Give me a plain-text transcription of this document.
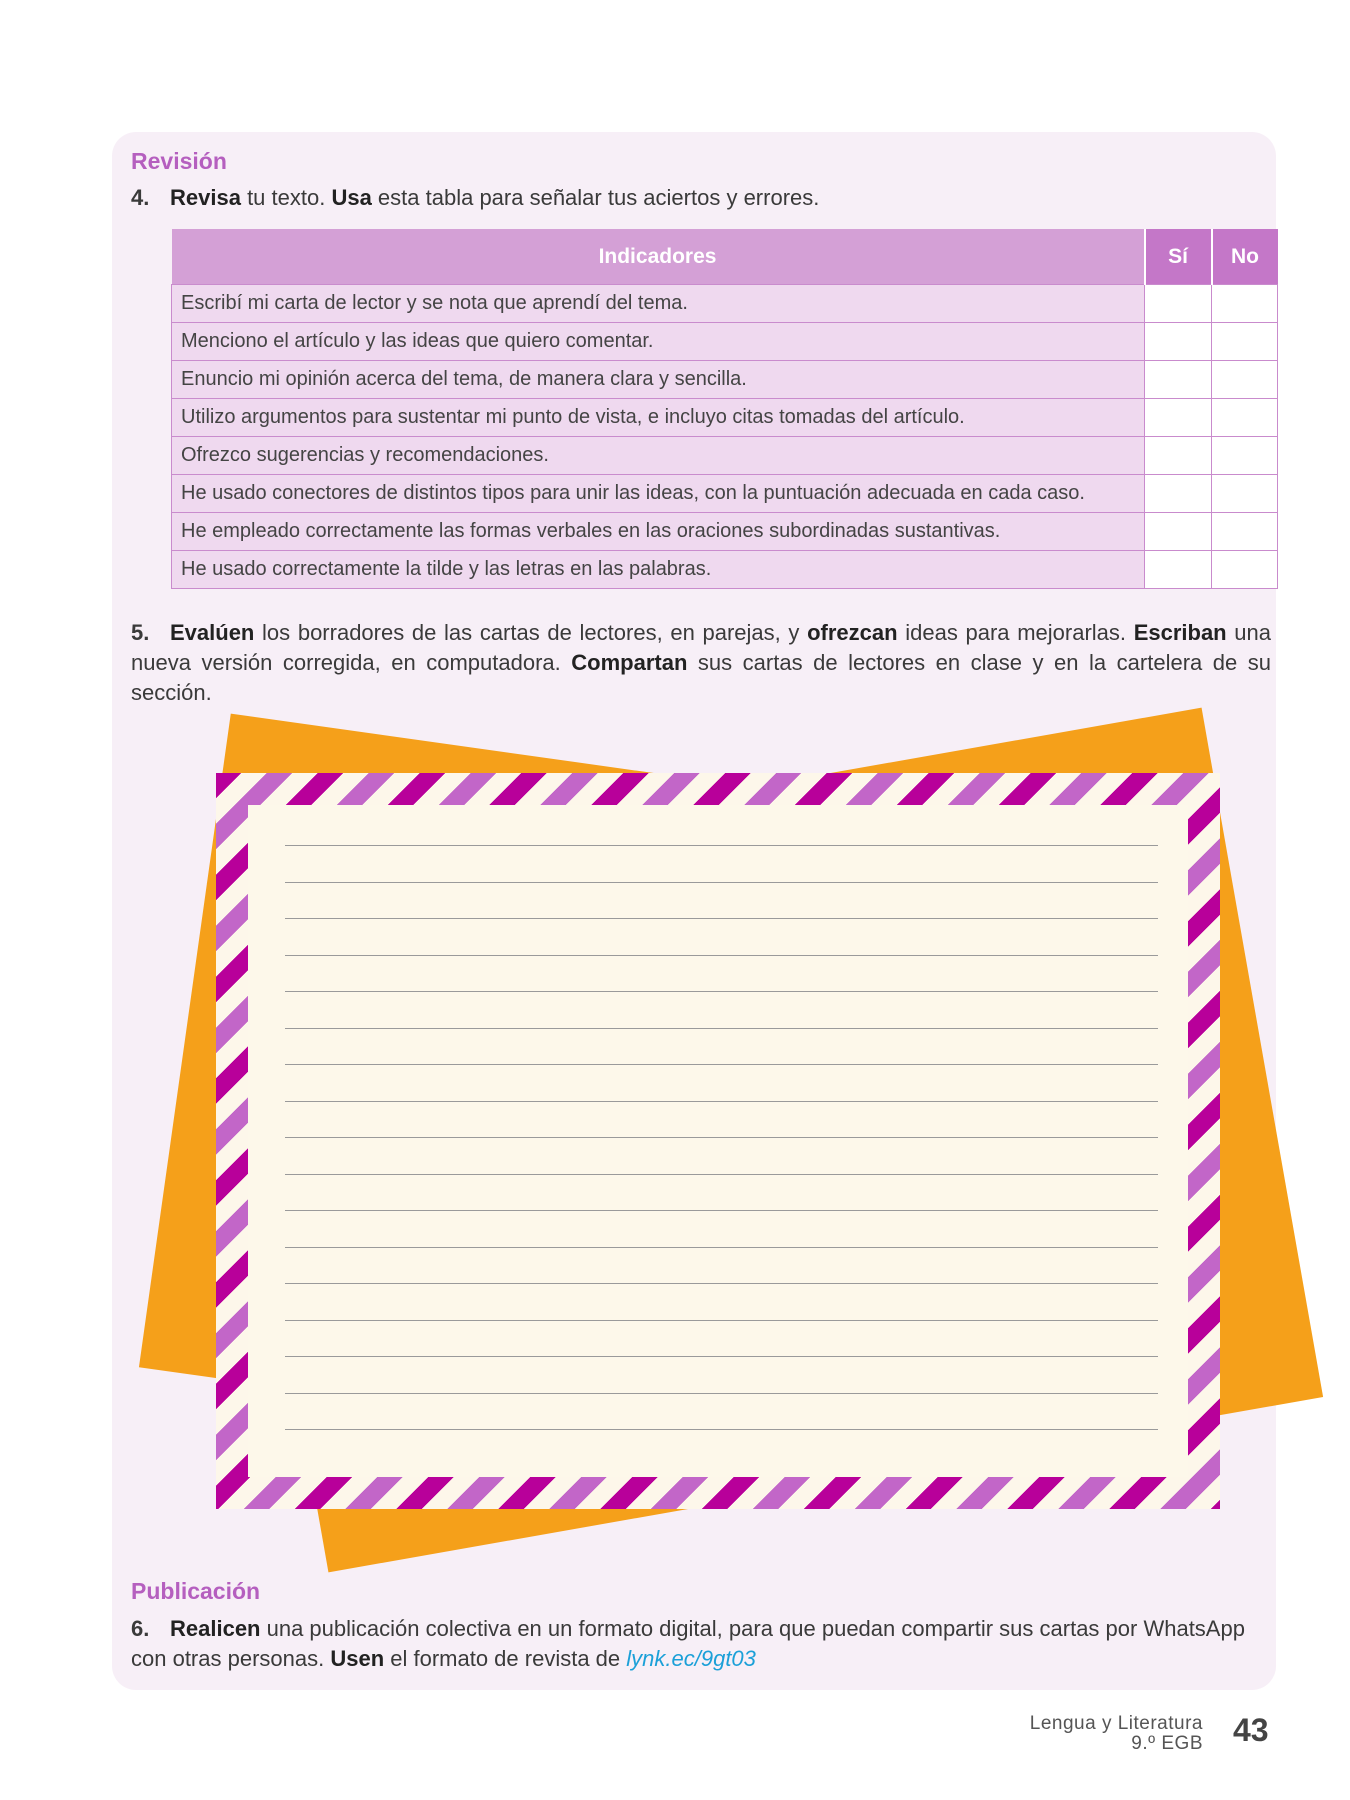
Revisión
4. Revisa tu texto. Usa esta tabla para señalar tus aciertos y errores.
Indicadores	Sí	No
Escribí mi carta de lector y se nota que aprendí del tema.		
Menciono el artículo y las ideas que quiero comentar.		
Enuncio mi opinión acerca del tema, de manera clara y sencilla.		
Utilizo argumentos para sustentar mi punto de vista, e incluyo citas tomadas del artículo.		
Ofrezco sugerencias y recomendaciones.		
He usado conectores de distintos tipos para unir las ideas, con la puntuación adecuada en cada caso.		
He empleado correctamente las formas verbales en las oraciones subordinadas sustantivas.		
He usado correctamente la tilde y las letras en las palabras.		
5. Evalúen los borradores de las cartas de lectores, en parejas, y ofrezcan ideas para mejorarlas. Escriban una nueva versión corregida, en computadora. Compartan sus cartas de lectores en clase y en la cartelera de su sección.
Publicación
6. Realicen una publicación colectiva en un formato digital, para que puedan compartir sus cartas por WhatsApp con otras personas. Usen el formato de revista de lynk.ec/9gt03
Lengua y Literatura
9.º EGB 43
